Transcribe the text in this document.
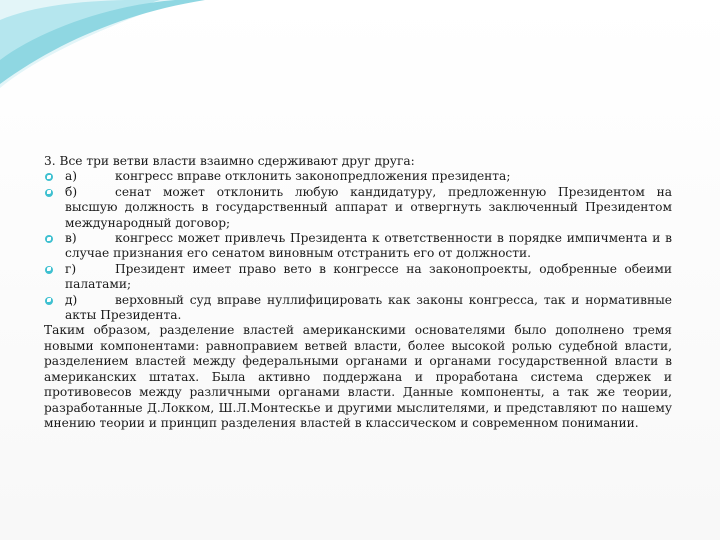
3. Все три ветви власти взаимно сдерживают друг друга:

а)	конгресс вправе отклонить законопредложения президента;
б)	сенат может отклонить любую кандидатуру, предложенную Президентом на высшую должность в государственный аппарат и отвергнуть заключенный Президентом международный договор;
в)	конгресс может привлечь Президента к ответственности в порядке импичмента и в случае признания его сенатом виновным отстранить его от должности.
г)	Президент имеет право вето в конгрессе на законопроекты, одобренные обеими палатами;
д)	верховный суд вправе нуллифицировать как законы конгресса, так и нормативные акты Президента.

Таким образом, разделение властей американскими основателями было дополнено тремя новыми компонентами: равноправием ветвей власти, более высокой ролью судебной власти, разделением властей между федеральными органами и органами государственной власти в американских штатах. Была активно поддержана и проработана система сдержек и противовесов между различными органами власти. Данные компоненты, а так же теории, разработанные Д.Локком, Ш.Л.Монтескье и другими мыслителями, и представляют по нашему мнению теории и принцип разделения властей в классическом и современном понимании.
